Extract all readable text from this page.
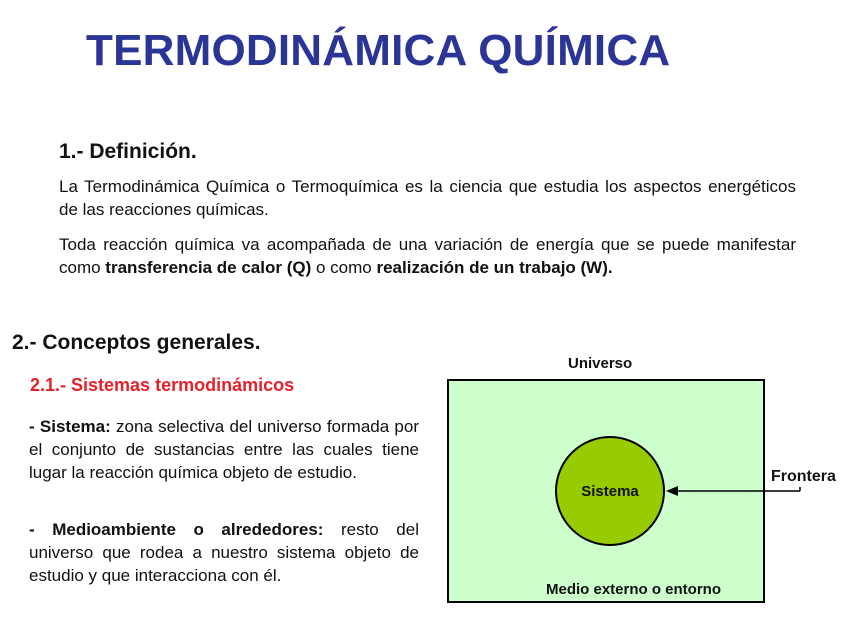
TERMODINÁMICA QUÍMICA
1.- Definición.

La Termodinámica Química o Termoquímica es la ciencia que estudia los aspectos energéticos de las reacciones químicas.

Toda reacción química va acompañada de una variación de energía que se puede manifestar como transferencia de calor (Q) o como realización de un trabajo (W).

2.- Conceptos generales.
2.1.- Sistemas termodinámicos

- Sistema: zona selectiva del universo formada por el conjunto de sustancias entre las cuales tiene lugar la reacción química objeto de estudio.

- Medioambiente o alrededores: resto del universo que rodea a nuestro sistema objeto de estudio y que interacciona con él.

Universo
Sistema
Frontera
Medio externo o entorno
